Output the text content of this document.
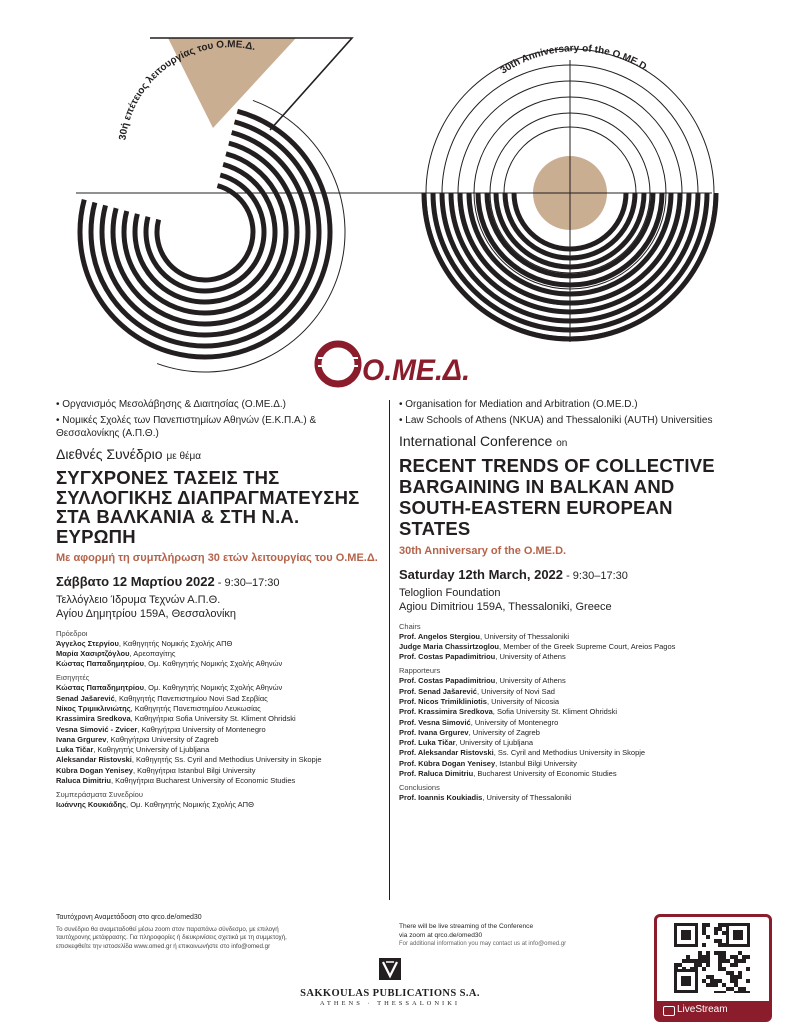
30ή επέτειος λειτουργίας του Ο.ΜΕ.Δ.
30th Anniversary of the O.ME.D.
O.ME.Δ.
• Οργανισμός Μεσολάβησης & Διαιτησίας (Ο.ΜΕ.Δ.)
• Νομικές Σχολές των Πανεπιστημίων Αθηνών (Ε.Κ.Π.Α.) & Θεσσαλονίκης (Α.Π.Θ.)
Διεθνές Συνέδριο με θέμα
ΣΥΓΧΡΟΝΕΣ ΤΑΣΕΙΣ ΤΗΣ ΣΥΛΛΟΓΙΚΗΣ ΔΙΑΠΡΑΓΜΑΤΕΥΣΗΣ ΣΤΑ ΒΑΛΚΑΝΙΑ & ΣΤΗ Ν.Α. ΕΥΡΩΠΗ
Με αφορμή τη συμπλήρωση 30 ετών λειτουργίας του Ο.ΜΕ.Δ.
Σάββατο 12 Μαρτίου 2022 - 9:30–17:30
Τελλόγλειο Ίδρυμα Τεχνών Α.Π.Θ.
Αγίου Δημητρίου 159Α, Θεσσαλονίκη
Πρόεδροι
Άγγελος Στεργίου, Καθηγητής Νομικής Σχολής ΑΠΘ
Μαρία Χασιρτζόγλου, Αρεοπαγίτης
Κώστας Παπαδημητρίου, Ομ. Καθηγητής Νομικής Σχολής Αθηνών
Εισηγητές
Κώστας Παπαδημητρίου, Ομ. Καθηγητής Νομικής Σχολής Αθηνών
Senad Jašarević, Καθηγητής Πανεπιστημίου Novi Sad Σερβίας
Νίκος Τριμικλινιώτης, Καθηγητής Πανεπιστημίου Λευκωσίας
Krassimira Sredkova, Καθηγήτρια Sofia University St. Kliment Ohridski
Vesna Simović - Zvicer, Καθηγήτρια University of Montenegro
Ivana Grgurev, Καθηγήτρια University of Zagreb
Luka Tičar, Καθηγητής University of Ljubljana
Aleksandar Ristovski, Καθηγητής Ss. Cyril and Methodius University in Skopje
Kübra Dogan Yenisey, Καθηγήτρια Istanbul Bilgi University
Raluca Dimitriu, Καθηγήτρια Bucharest University of Economic Studies
Συμπεράσματα Συνεδρίου
Ιωάννης Κουκιάδης, Ομ. Καθηγητής Νομικής Σχολής ΑΠΘ
• Organisation for Mediation and Arbitration (O.ME.D.)
• Law Schools of Athens (NKUA) and Thessaloniki (AUTH) Universities
International Conference on
RECENT TRENDS OF COLLECTIVE BARGAINING IN BALKAN AND SOUTH-EASTERN EUROPEAN STATES
30th Anniversary of the O.ME.D.
Saturday 12th March, 2022 - 9:30–17:30
Teloglion Foundation
Agiou Dimitriou 159A, Thessaloniki, Greece
Chairs
Prof. Angelos Stergiou, University of Thessaloniki
Judge Maria Chassirtzoglou, Member of the Greek Supreme Court, Areios Pagos
Prof. Costas Papadimitriou, University of Athens
Rapporteurs
Prof. Costas Papadimitriou, University of Athens
Prof. Senad Jašarević, University of Novi Sad
Prof. Nicos Trimikliniotis, University of Nicosia
Prof. Krassimira Sredkova, Sofia University St. Kliment Ohridski
Prof. Vesna Simović, University of Montenegro
Prof. Ivana Grgurev, University of Zagreb
Prof. Luka Tičar, University of Ljubljana
Prof. Aleksandar Ristovski, Ss. Cyril and Methodius University in Skopje
Prof. Kübra Dogan Yenisey, Istanbul Bilgi University
Prof. Raluca Dimitriu, Bucharest University of Economic Studies
Conclusions
Prof. Ioannis Koukiadis, University of Thessaloniki
Ταυτόχρονη Αναμετάδοση στο qrco.de/omed30
Το συνέδριο θα αναμεταδοθεί μέσω zoom στον παραπάνω σύνδεσμο, με επιλογή ταυτόχρονης μετάφρασης. Για πληροφορίες ή διευκρινίσεις σχετικά με τη συμμετοχή, επισκεφθείτε την ιστοσελίδα www.omed.gr ή επικοινωνήστε στο info@omed.gr
There will be live streaming of the Conference
via zoom at qrco.de/omed30
For additional information you may contact us at info@omed.gr
SAKKOULAS PUBLICATIONS S.A.
ATHENS · THESSALONIKI
LiveStream
